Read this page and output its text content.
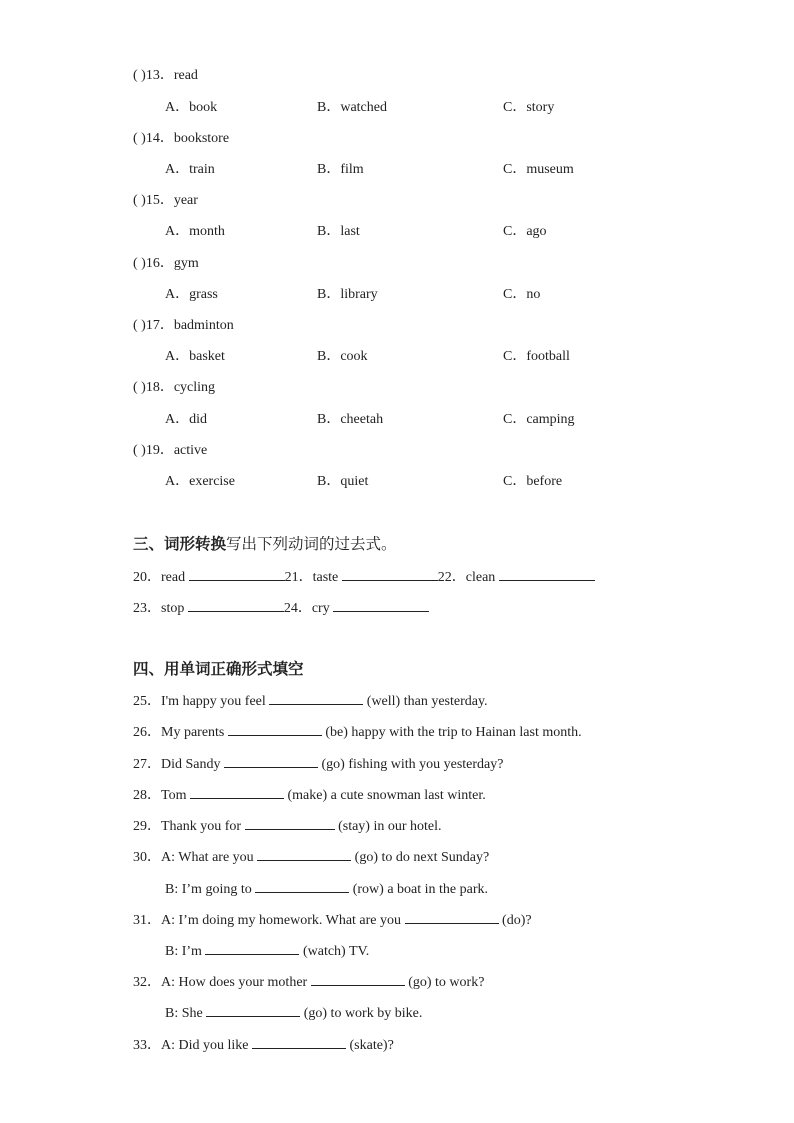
( )13．read
A．book	B．watched	C．story
( )14．bookstore
A．train	B．film	C．museum
( )15．year
A．month	B．last	C．ago
( )16．gym
A．grass	B．library	C．no
( )17．badminton
A．basket	B．cook	C．football
( )18．cycling
A．did	B．cheetah	C．camping
( )19．active
A．exercise	B．quiet	C．before
三、词形转换写出下列动词的过去式。
20．read	21．taste	22．clean
23．stop	24．cry
四、用单词正确形式填空
25．I'm happy you feel	(well) than yesterday.
26．My parents	(be) happy with the trip to Hainan last month.
27．Did Sandy	(go) fishing with you yesterday?
28．Tom	(make) a cute snowman last winter.
29．Thank you for	(stay) in our hotel.
30．A: What are you	(go) to do next Sunday?
B: I’m going to	(row) a boat in the park.
31．A: I’m doing my homework. What are you	(do)?
B: I’m	(watch) TV.
32．A: How does your mother	(go) to work?
B: She	(go) to work by bike.
33．A: Did you like	(skate)?
